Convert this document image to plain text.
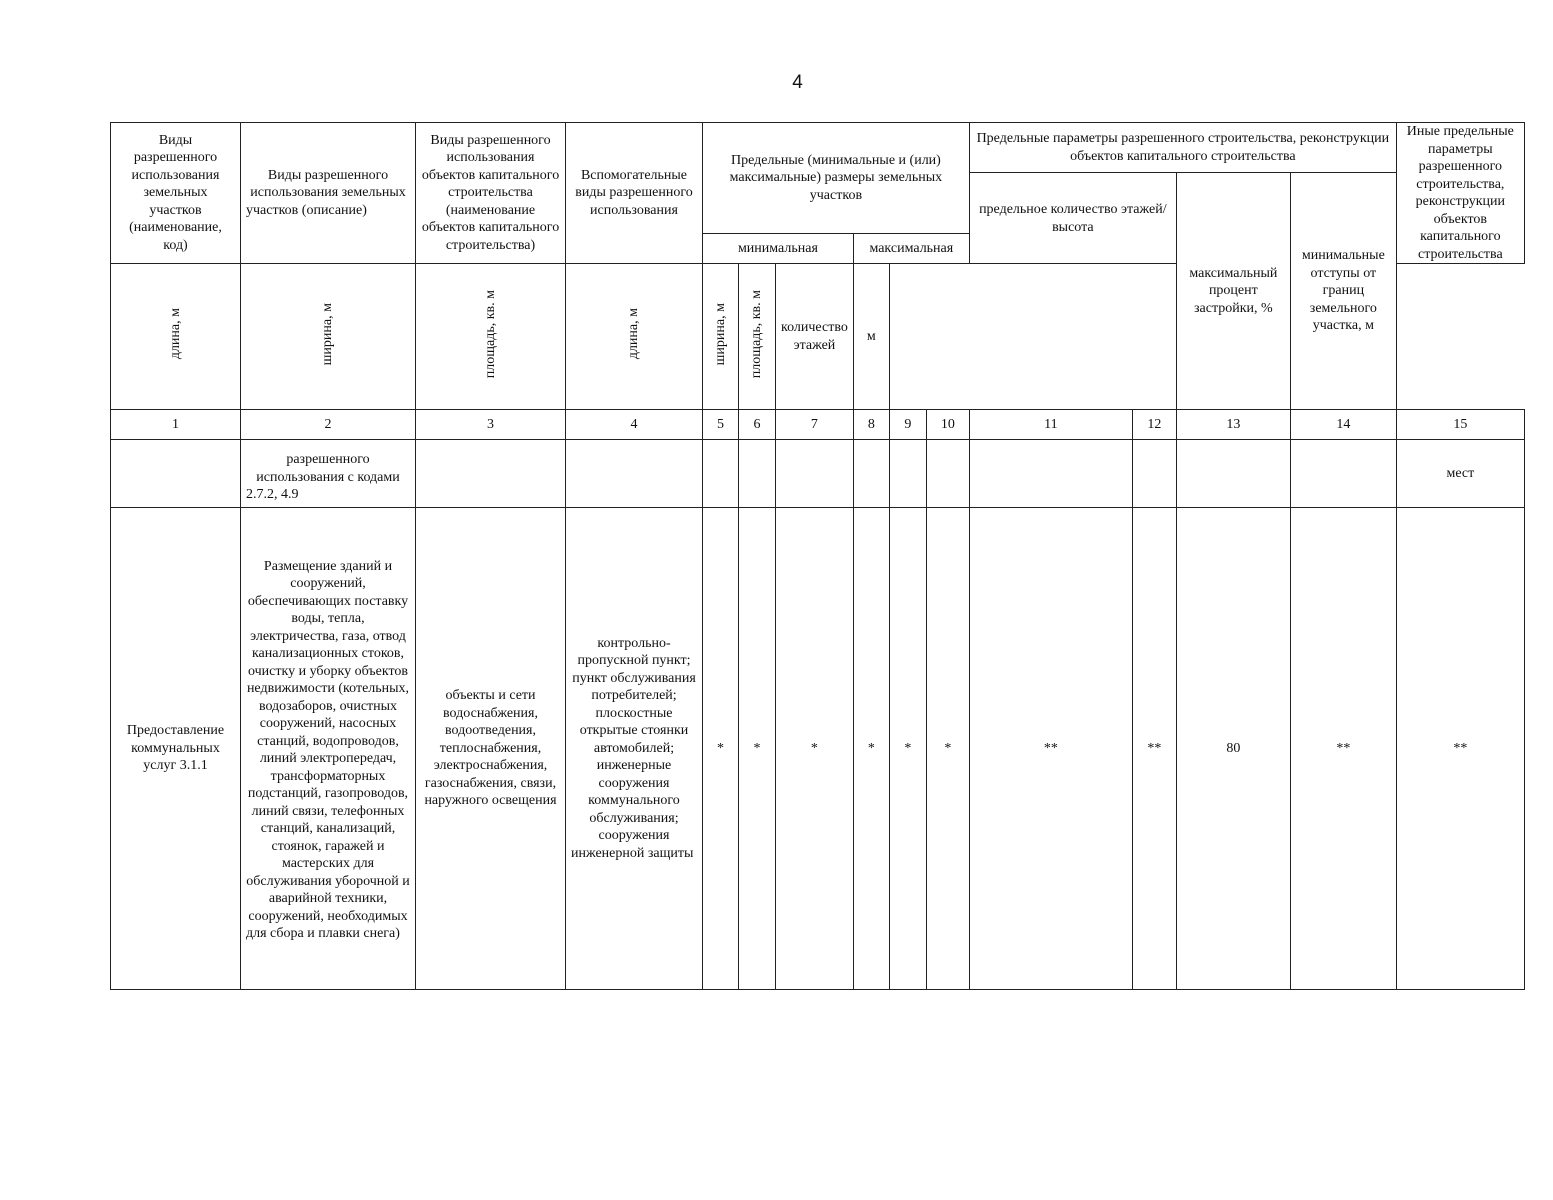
4
Виды разрешенного использования земельных участков (наименование, код)	Виды разрешенного использования земельных участков (описание)	Виды разрешенного использования объектов капитального строительства (наименование объектов капитального строительства)	Вспомогательные виды разрешенного использования	Предельные (минимальные и (или) максимальные) размеры земельных участков						Предельные параметры разрешенного строительства, реконструкции объектов капитального строительства				Иные предельные параметры разрешенного строительства, реконструкции объектов капитального строительства
										предельное количество этажей/высота		максимальный процент застройки, %	минимальные отступы от границ земельного участка, м	
				минимальная			максимальная							
длина, м	ширина, м	площадь, кв. м	длина, м	ширина, м	площадь, кв. м	количество этажей	м							
1	2	3	4	5	6	7	8	9	10	11	12	13	14	15
	разрешенного использования с кодами 2.7.2, 4.9													мест
Предоставление коммунальных услуг 3.1.1	Размещение зданий и сооружений, обеспечивающих поставку воды, тепла, электричества, газа, отвод канализационных стоков, очистку и уборку объектов недвижимости (котельных, водозаборов, очистных сооружений, насосных станций, водопроводов, линий электропередач, трансформаторных подстанций, газопроводов, линий связи, телефонных станций, канализаций, стоянок, гаражей и мастерских для обслуживания уборочной и аварийной техники, сооружений, необходимых для сбора и плавки снега)	объекты и сети водоснабжения, водоотведения, теплоснабжения, электроснабжения, газоснабжения, связи, наружного освещения	контрольно-пропускной пункт; пункт обслуживания потребителей; плоскостные открытые стоянки автомобилей; инженерные сооружения коммунального обслуживания; сооружения инженерной защиты	*	*	*	*	*	*	**	**	80	**	**
